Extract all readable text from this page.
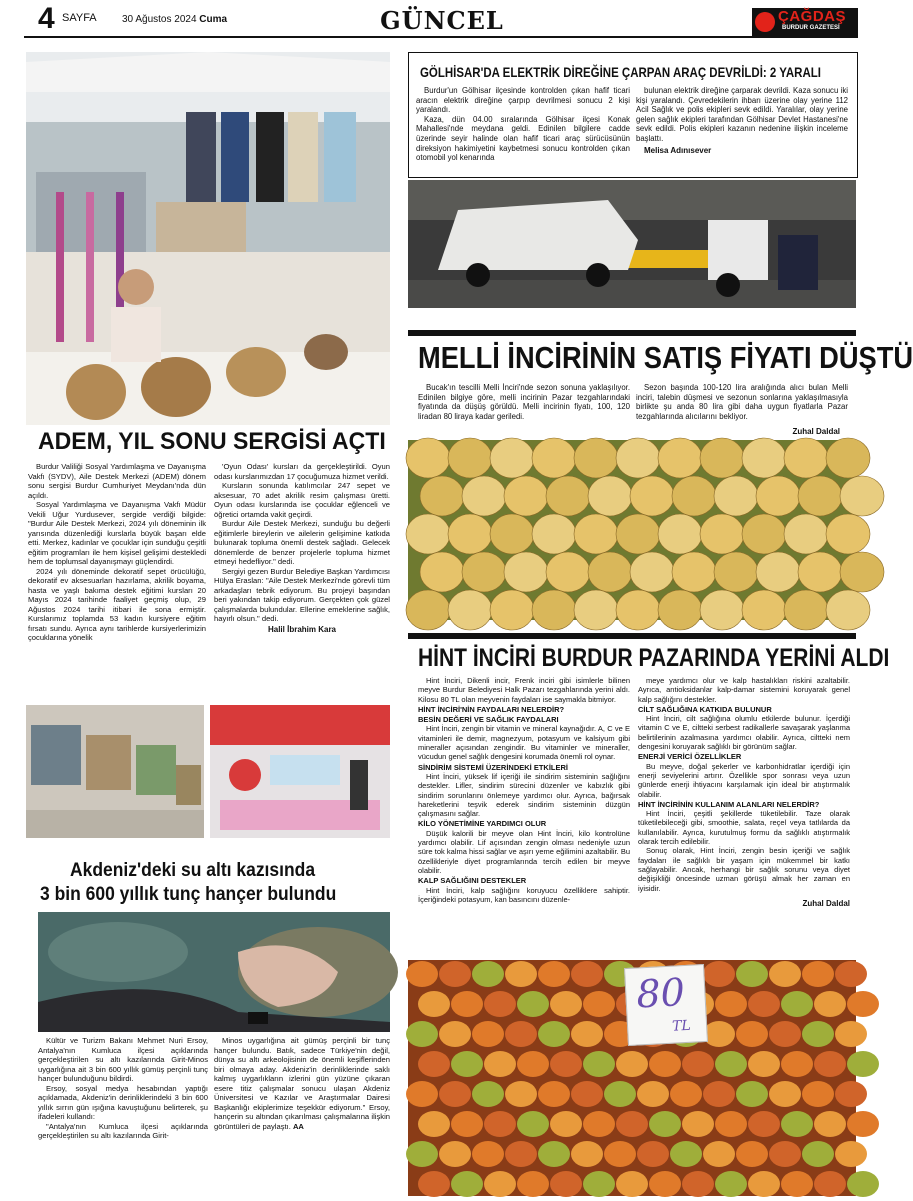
4 SAYFA	30 Ağustos 2024 Cuma	GÜNCEL	ÇAĞDAŞ
BURDUR GAZETESİ
ADEM, YIL SONU SERGİSİ AÇTI

Burdur Valiliği Sosyal Yardımlaşma ve Dayanışma Vakfı (SYDV), Aile Destek Merkezi (ADEM) dönem sonu sergisi Burdur Cumhuriyet Meydanı'nda dün açıldı.

Sosyal Yardımlaşma ve Dayanışma Vakfı Müdür Vekili Uğur Yurdusever, sergide verdiği bilgide: "Burdur Aile Destek Merkezi, 2024 yılı döneminin ilk yarısında düzenlediği kurslarla büyük başarı elde etti. Merkez, kadınlar ve çocuklar için sunduğu çeşitli eğitim programları ile hem kişisel gelişimi destekledi hem de toplumsal dayanışmayı güçlendirdi.

2024 yılı döneminde dekoratif sepet örücülüğü, dekoratif ev aksesuarları hazırlama, akrilik boyama, hasta ve yaşlı bakıma destek eğitimi kursları 20 Mayıs 2024 tarihinde faaliyet geçmiş olup, 29 Ağustos 2024 tarihi itibari ile sona ermiştir. Kurslarımız toplamda 53 kadın kursiyere eğitim fırsatı sundu. Ayrıca aynı tarihlerde kursiyerlerimizin çocuklarına yönelik

'Oyun Odası' kursları da gerçekleştirildi. Oyun odası kurslarımızdan 17 çocuğumuza hizmet verildi.

Kursların sonunda katılımcılar 247 sepet ve aksesuar, 70 adet akrilik resim çalışması üretti. Oyun odası kurslarında ise çocuklar eğlenceli ve öğretici ortamda vakit geçirdi.

Burdur Aile Destek Merkezi, sunduğu bu değerli eğitimlerle bireylerin ve ailelerin gelişimine katkıda bulunarak topluma önemli destek sağladı. Gelecek dönemlerde de benzer projelerle topluma hizmet etmeyi hedefliyor." dedi.

Sergiyi gezen Burdur Belediye Başkan Yardımcısı Hülya Eraslan: "Aile Destek Merkezi'nde görevli tüm arkadaşları tebrik ediyorum. Bu projeyi başından beri yakından takip ediyorum. Gerçekten çok güzel çalışmalarda bulundular. Ellerine emeklerine sağlık, hayırlı olsun." dedi.

Halil İbrahim Kara
Akdeniz'deki su altı kazısında
3 bin 600 yıllık tunç hançer bulundu

Kültür ve Turizm Bakanı Mehmet Nuri Ersoy, Antalya'nın Kumluca ilçesi açıklarında gerçekleştirilen su altı kazılarında Girit-Minos uygarlığına ait 3 bin 600 yıllık gümüş perçinli tunç hançer bulunduğunu bildirdi.

Ersoy, sosyal medya hesabından yaptığı açıklamada, Akdeniz'in derinliklerindeki 3 bin 600 yıllık sırrın gün ışığına kavuştuğunu belirterek, şu ifadeleri kullandı:

"Antalya'nın Kumluca ilçesi açıklarında gerçekleştirilen su altı kazılarında Girit-

Minos uygarlığına ait gümüş perçinli bir tunç hançer bulundu. Batık, sadece Türkiye'nin değil, dünya su altı arkeolojisinin de önemli keşiflerinden biri olmaya aday. Akdeniz'in derinliklerinde saklı kalmış uygarlıkların izlerini gün yüzüne çıkaran esere titiz çalışmalar sonucu ulaşan Akdeniz Üniversitesi ve Kazılar ve Araştırmalar Dairesi Başkanlığı ekiplerimize teşekkür ediyorum." Ersoy, hançerin su altından çıkarılması çalışmalarına ilişkin görüntüleri de paylaştı. AA

GÖLHİSAR'DA ELEKTRİK DİREĞİNE ÇARPAN ARAÇ DEVRİLDİ: 2 YARALI

Burdur'un Gölhisar ilçesinde kontrolden çıkan hafif ticari aracın elektrik direğine çarpıp devrilmesi sonucu 2 kişi yaralandı.

Kaza, dün 04.00 sıralarında Gölhisar ilçesi Konak Mahallesi'nde meydana geldi. Edinilen bilgilere cadde üzerinde seyir halinde olan hafif ticari araç sürücüsünün direksiyon hakimiyetini kaybetmesi sonucu kontrolden çıkan otomobil yol kenarında

bulunan elektrik direğine çarparak devrildi. Kaza sonucu iki kişi yaralandı. Çevredekilerin ihbarı üzerine olay yerine 112 Acil Sağlık ve polis ekipleri sevk edildi. Yaralılar, olay yerine gelen sağlık ekipleri tarafından Gölhisar Devlet Hastanesi'ne sevk edildi. Polis ekipleri kazanın nedenine ilişkin inceleme başlattı.

Melisa Adınısever
MELLİ İNCİRİNİN SATIŞ FİYATI DÜŞTÜ

Bucak'ın tescilli Melli İnciri'nde sezon sonuna yaklaşılıyor. Edinilen bilgiye göre, melli incirinin Pazar tezgahlarındaki fiyatında da düşüş görüldü. Melli incirinin fiyatı, 100, 120 liradan 80 liraya kadar geriledi.

Sezon başında 100-120 lira aralığında alıcı bulan Melli inciri, talebin düşmesi ve sezonun sonlarına yaklaşılmasıyla birlikte şu anda 80 lira gibi daha uygun fiyatlarla Pazar tezgahlarında alıcılarını bekliyor.

Zuhal Daldal
HİNT İNCİRİ BURDUR PAZARINDA YERİNİ ALDI

Hint İnciri, Dikenli incir, Frenk inciri gibi isimlerle bilinen meyve Burdur Belediyesi Halk Pazarı tezgahlarında yerini aldı. Kilosu 80 TL olan meyvenin faydaları ise saymakla bitmiyor.

HİNT İNCİRİ'NİN FAYDALARI NELERDİR?

BESİN DEĞERİ VE SAĞLIK FAYDALARI

Hint İnciri, zengin bir vitamin ve mineral kaynağıdır. A, C ve E vitaminleri ile demir, magnezyum, potasyum ve kalsiyum gibi mineraller açısından zengindir. Bu vitaminler ve mineraller, vücudun genel sağlık dengesini korumada önemli rol oynar.

SİNDİRİM SİSTEMİ ÜZERİNDEKİ ETKİLERİ

Hint İnciri, yüksek lif içeriği ile sindirim sisteminin sağlığını destekler. Lifler, sindirim sürecini düzenler ve kabızlık gibi sindirim sorunlarını önlemeye yardımcı olur. Ayrıca, bağırsak hareketlerini teşvik ederek sindirim sisteminin düzgün çalışmasını sağlar.

KİLO YÖNETİMİNE YARDIMCI OLUR

Düşük kalorili bir meyve olan Hint İnciri, kilo kontrolüne yardımcı olabilir. Lif açısından zengin olması nedeniyle uzun süre tok kalma hissi sağlar ve aşırı yeme eğilimini azaltabilir. Bu özellikleriyle diyet programlarında tercih edilen bir meyve olabilir.

KALP SAĞLIĞINI DESTEKLER

Hint İnciri, kalp sağlığını koruyucu özelliklere sahiptir. İçeriğindeki potasyum, kan basıncını düzenle-

meye yardımcı olur ve kalp hastalıkları riskini azaltabilir. Ayrıca, antioksidanlar kalp-damar sistemini koruyarak genel kalp sağlığını destekler.

CİLT SAĞLIĞINA KATKIDA BULUNUR

Hint İnciri, cilt sağlığına olumlu etkilerde bulunur. İçerdiği vitamin C ve E, ciltteki serbest radikallerle savaşarak yaşlanma belirtilerinin azalmasına yardımcı olabilir. Ayrıca, ciltteki nem dengesini koruyarak sağlıklı bir görünüm sağlar.

ENERJİ VERİCİ ÖZELLİKLER

Bu meyve, doğal şekerler ve karbonhidratlar içerdiği için enerji seviyelerini artırır. Özellikle spor sonrası veya uzun günlerde enerji ihtiyacını karşılamak için ideal bir atıştırmalık olabilir.

HİNT İNCİRİNİN KULLANIM ALANLARI NELERDİR?

Hint İnciri, çeşitli şekillerde tüketilebilir. Taze olarak tüketilebileceği gibi, smoothie, salata, reçel veya tatlılarda da kullanılabilir. Ayrıca, kurutulmuş formu da sağlıklı atıştırmalık olarak tercih edilebilir.

Sonuç olarak, Hint İnciri, zengin besin içeriği ve sağlık faydaları ile sağlıklı bir yaşam için mükemmel bir katkı sağlayabilir. Ancak, herhangi bir sağlık sorunu veya diyet değişikliği öncesinde uzman görüşü almak her zaman en iyisidir.

Zuhal Daldal
80
TL
